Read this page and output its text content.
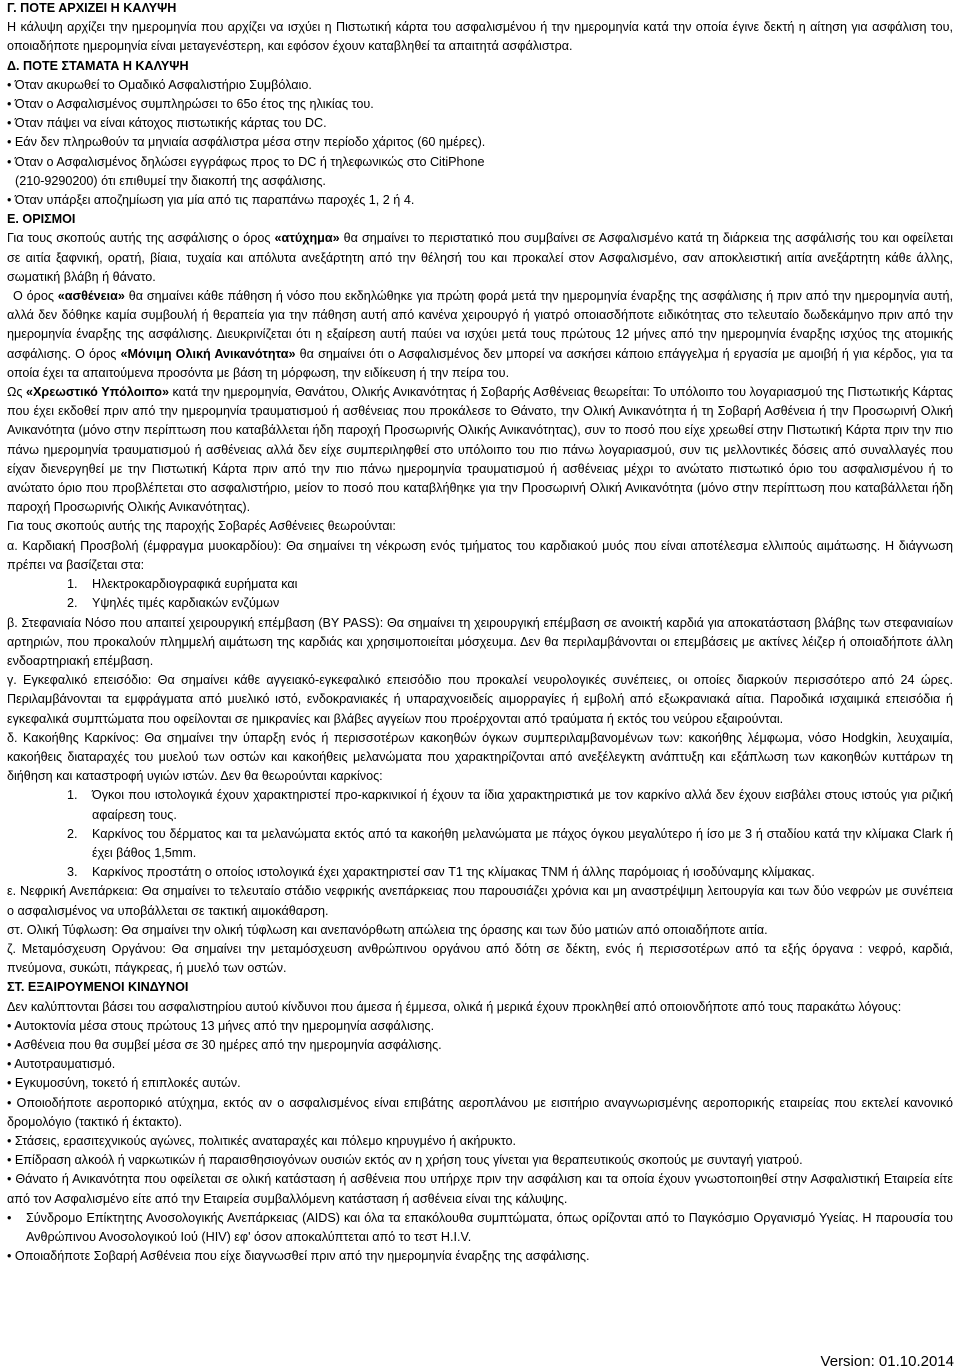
Γ. ΠΟΤΕ ΑΡΧΙΖΕΙ Η ΚΑΛΥΨΗ

Η κάλυψη αρχίζει την ημερομηνία που αρχίζει να ισχύει η Πιστωτική κάρτα του ασφαλισμένου ή την ημερομηνία κατά την οποία έγινε δεκτή η αίτηση για ασφάλιση του, οποιαδήποτε ημερομηνία είναι μεταγενέστερη, και εφόσον έχουν καταβληθεί τα απαιτητά ασφάλιστρα.

Δ. ΠΟΤΕ ΣΤΑΜΑΤΑ Η ΚΑΛΥΨΗ

• Όταν ακυρωθεί το Ομαδικό Ασφαλιστήριο Συμβόλαιο.

• Όταν ο Ασφαλισμένος συμπληρώσει το 65ο έτος της ηλικίας του.

• Όταν πάψει να είναι κάτοχος πιστωτικής κάρτας του DC.

• Εάν δεν πληρωθούν τα μηνιαία ασφάλιστρα μέσα στην περίοδο χάριτος (60 ημέρες).

• Όταν ο Ασφαλισμένος δηλώσει εγγράφως προς το DC ή τηλεφωνικώς στο CitiPhone

(210-9290200) ότι επιθυμεί την διακοπή της ασφάλισης.

• Όταν υπάρξει αποζημίωση για μία από τις παραπάνω παροχές 1, 2 ή 4.

Ε. ΟΡΙΣΜΟΙ

Για τους σκοπούς αυτής της ασφάλισης ο όρος «ατύχημα» θα σημαίνει το περιστατικό που συμβαίνει σε Ασφαλισμένο κατά τη διάρκεια της ασφάλισής του και οφείλεται σε αιτία ξαφνική, ορατή, βίαια, τυχαία και απόλυτα ανεξάρτητη από την θέλησή του και προκαλεί στον Ασφαλισμένο, σαν αποκλειστική αιτία ανεξάρτητη κάθε άλλης, σωματική βλάβη ή θάνατο.

Ο όρος «ασθένεια» θα σημαίνει κάθε πάθηση ή νόσο που εκδηλώθηκε για πρώτη φορά μετά την ημερομηνία έναρξης της ασφάλισης ή πριν από την ημερομηνία αυτή, αλλά δεν δόθηκε καμία συμβουλή ή θεραπεία για την πάθηση αυτή από κανένα χειρουργό ή γιατρό οποιασδήποτε ειδικότητας στο τελευταίο δωδεκάμηνο πριν από την ημερομηνία έναρξης της ασφάλισης. Διευκρινίζεται ότι η εξαίρεση αυτή παύει να ισχύει μετά τους πρώτους 12 μήνες από την ημερομηνία έναρξης ισχύος της ατομικής ασφάλισης. Ο όρος «Μόνιμη Ολική Ανικανότητα» θα σημαίνει ότι ο Ασφαλισμένος δεν μπορεί να ασκήσει κάποιο επάγγελμα ή εργασία με αμοιβή ή για κέρδος, για τα οποία έχει τα απαιτούμενα προσόντα με βάση τη μόρφωση, την ειδίκευση ή την πείρα του.

Ως «Χρεωστικό Υπόλοιπο» κατά την ημερομηνία, Θανάτου, Ολικής Ανικανότητας ή Σοβαρής Ασθένειας θεωρείται: Το υπόλοιπο του λογαριασμού της Πιστωτικής Κάρτας που έχει εκδοθεί πριν από την ημερομηνία τραυματισμού ή ασθένειας που προκάλεσε το Θάνατο, την Ολική Ανικανότητα ή τη Σοβαρή Ασθένεια ή την Προσωρινή Ολική Ανικανότητα (μόνο στην περίπτωση που καταβάλλεται ήδη παροχή Προσωρινής Ολικής Ανικανότητας), συν το ποσό που είχε χρεωθεί στην Πιστωτική Κάρτα πριν την πιο πάνω ημερομηνία τραυματισμού ή ασθένειας αλλά δεν είχε συμπεριληφθεί στο υπόλοιπο του πιο πάνω λογαριασμού, συν τις μελλοντικές δόσεις από συναλλαγές που είχαν διενεργηθεί με την Πιστωτική Κάρτα πριν από την πιο πάνω ημερομηνία τραυματισμού ή ασθένειας μέχρι το ανώτατο πιστωτικό όριο του ασφαλισμένου ή το ανώτατο όριο που προβλέπεται στο ασφαλιστήριο, μείον το ποσό που καταβλήθηκε για την Προσωρινή Ολική Ανικανότητα (μόνο στην περίπτωση που καταβάλλεται ήδη παροχή Προσωρινής Ολικής Ανικανότητας).

Για τους σκοπούς αυτής της παροχής Σοβαρές Ασθένειες θεωρούνται:

α. Καρδιακή Προσβολή (έμφραγμα μυοκαρδίου): Θα σημαίνει τη νέκρωση ενός τμήματος του καρδιακού μυός που είναι αποτέλεσμα ελλιπούς αιμάτωσης. Η διάγνωση πρέπει να βασίζεται στα:

1. Ηλεκτροκαρδιογραφικά ευρήματα και

2. Υψηλές τιμές καρδιακών ενζύμων

β. Στεφανιαία Νόσο που απαιτεί χειρουργική επέμβαση (BY PASS): Θα σημαίνει τη χειρουργική επέμβαση σε ανοικτή καρδιά για αποκατάσταση βλάβης των στεφανιαίων αρτηριών, που προκαλούν πλημμελή αιμάτωση της καρδιάς και χρησιμοποιείται μόσχευμα. Δεν θα περιλαμβάνονται οι επεμβάσεις με ακτίνες λέιζερ ή οποιαδήποτε άλλη ενδοαρτηριακή επέμβαση.

γ. Εγκεφαλικό επεισόδιο: Θα σημαίνει κάθε αγγειακό-εγκεφαλικό επεισόδιο που προκαλεί νευρολογικές συνέπειες, οι οποίες διαρκούν περισσότερο από 24 ώρες. Περιλαμβάνονται τα εμφράγματα από μυελικό ιστό, ενδοκρανιακές ή υπαραχνοειδείς αιμορραγίες ή εμβολή από εξωκρανιακά αίτια. Παροδικά ισχαιμικά επεισόδια ή εγκεφαλικά συμπτώματα που οφείλονται σε ημικρανίες και βλάβες αγγείων που προέρχονται από τραύματα ή εκτός του νεύρου εξαιρούνται.

δ. Κακοήθης Καρκίνος: Θα σημαίνει την ύπαρξη ενός ή περισσοτέρων κακοηθών όγκων συμπεριλαμβανομένων των: κακοήθης λέμφωμα, νόσο Hodgkin, λευχαιμία, κακοήθεις διαταραχές του μυελού των οστών και κακοήθεις μελανώματα που χαρακτηρίζονται από ανεξέλεγκτη ανάπτυξη και εξάπλωση των κακοηθών κυττάρων τη διήθηση και καταστροφή υγιών ιστών. Δεν θα θεωρούνται καρκίνος:

1. Όγκοι που ιστολογικά έχουν χαρακτηριστεί προ-καρκινικοί ή έχουν τα ίδια χαρακτηριστικά με τον καρκίνο αλλά δεν έχουν εισβάλει στους ιστούς για ριζική αφαίρεση τους.

2. Καρκίνος του δέρματος και τα μελανώματα εκτός από τα κακοήθη μελανώματα με πάχος όγκου μεγαλύτερο ή ίσο με 3 ή σταδίου κατά την κλίμακα Clark ή έχει βάθος 1,5mm.

3. Καρκίνος προστάτη ο οποίος ιστολογικά έχει χαρακτηριστεί σαν T1 της κλίμακας TNM ή άλλης παρόμοιας ή ισοδύναμης κλίμακας.

ε. Νεφρική Ανεπάρκεια: Θα σημαίνει το τελευταίο στάδιο νεφρικής ανεπάρκειας που παρουσιάζει χρόνια και μη αναστρέψιμη λειτουργία και των δύο νεφρών με συνέπεια ο ασφαλισμένος να υποβάλλεται σε τακτική αιμοκάθαρση.

στ. Ολική Τύφλωση: Θα σημαίνει την ολική τύφλωση και ανεπανόρθωτη απώλεια της όρασης και των δύο ματιών από οποιαδήποτε αιτία.

ζ. Μεταμόσχευση Οργάνου: Θα σημαίνει την μεταμόσχευση ανθρώπινου οργάνου από δότη σε δέκτη, ενός ή περισσοτέρων από τα εξής όργανα : νεφρό, καρδιά, πνεύμονα, συκώτι, πάγκρεας, ή μυελό των οστών.

ΣΤ. ΕΞΑΙΡΟΥΜΕΝΟΙ ΚΙΝΔΥΝΟΙ

Δεν καλύπτονται βάσει του ασφαλιστηρίου αυτού κίνδυνοι που άμεσα ή έμμεσα, ολικά ή μερικά έχουν προκληθεί από οποιονδήποτε από τους παρακάτω λόγους:

• Αυτοκτονία μέσα στους πρώτους 13 μήνες από την ημερομηνία ασφάλισης.

• Ασθένεια που θα συμβεί μέσα σε 30 ημέρες από την ημερομηνία ασφάλισης.

• Αυτοτραυματισμό.

• Εγκυμοσύνη, τοκετό ή επιπλοκές αυτών.

• Οποιοδήποτε αεροπορικό ατύχημα, εκτός αν ο ασφαλισμένος είναι επιβάτης αεροπλάνου με εισιτήριο αναγνωρισμένης αεροπορικής εταιρείας που εκτελεί κανονικό δρομολόγιο (τακτικό ή έκτακτο).

• Στάσεις, ερασιτεχνικούς αγώνες, πολιτικές αναταραχές και πόλεμο κηρυγμένο ή ακήρυκτο.

• Επίδραση αλκοόλ ή ναρκωτικών ή παραισθησιογόνων ουσιών εκτός αν η χρήση τους γίνεται για θεραπευτικούς σκοπούς με συνταγή γιατρού.

• Θάνατο ή Ανικανότητα που οφείλεται σε ολική κατάσταση ή ασθένεια που υπήρχε πριν την ασφάλιση και τα οποία έχουν γνωστοποιηθεί στην Ασφαλιστική Εταιρεία είτε από τον Ασφαλισμένο είτε από την Εταιρεία συμβαλλόμενη κατάσταση ή ασθένεια είναι της κάλυψης.

• Σύνδρομο Επίκτητης Ανοσολογικής Ανεπάρκειας (AIDS) και όλα τα επακόλουθα συμπτώματα, όπως ορίζονται από το Παγκόσμιο Οργανισμό Υγείας. Η παρουσία του Ανθρώπινου Ανοσολογικού Ιού (HIV) εφ' όσον αποκαλύπτεται από το τεστ H.I.V.

• Οποιαδήποτε Σοβαρή Ασθένεια που είχε διαγνωσθεί πριν από την ημερομηνία έναρξης της ασφάλισης.

Version: 01.10.2014
